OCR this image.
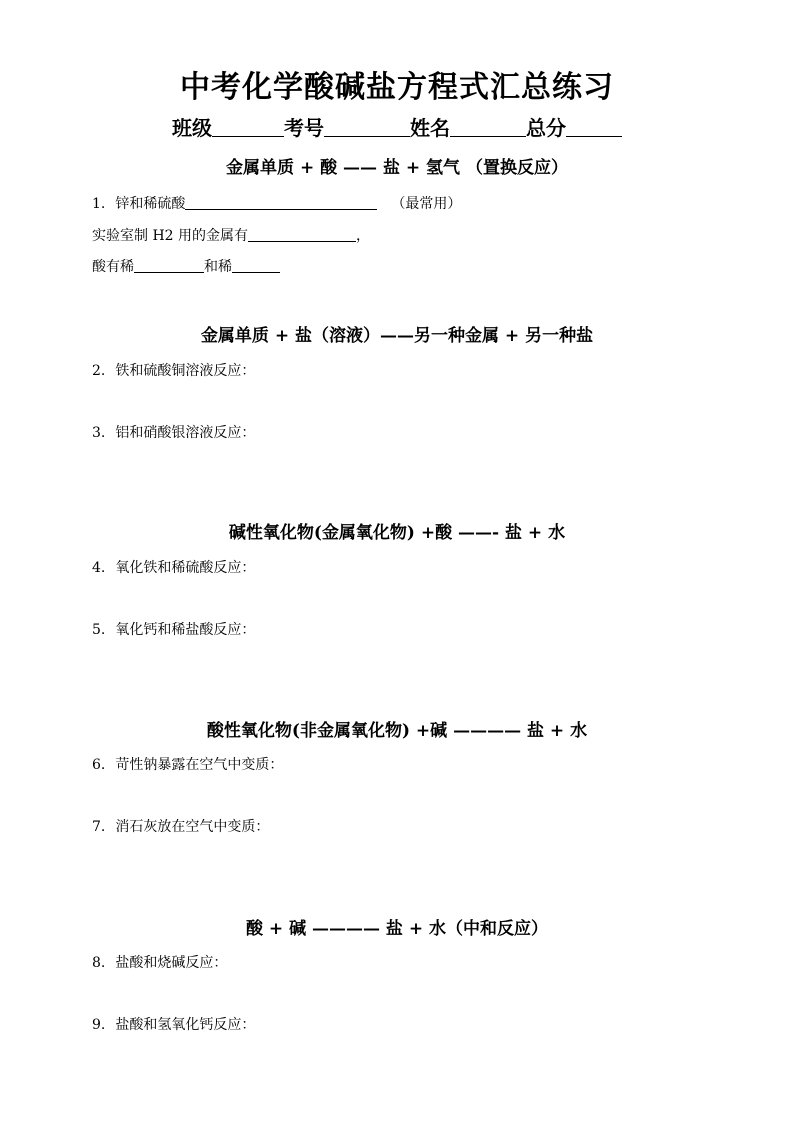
中考化学酸碱盐方程式汇总练习
班级	考号	姓名	总分
金属单质 + 酸 —— 盐 + 氢气 （置换反应）
1. 锌和稀硫酸	（最常用）
实验室制 H2 用的金属有	，
酸有稀	和稀
金属单质 + 盐（溶液）——另一种金属 + 另一种盐
2. 铁和硫酸铜溶液反应：
3. 铝和硝酸银溶液反应：
碱性氧化物(金属氧化物) +酸 ——- 盐 + 水
4. 氧化铁和稀硫酸反应：
5. 氧化钙和稀盐酸反应：
酸性氧化物(非金属氧化物) +碱 ———— 盐 + 水
6. 苛性钠暴露在空气中变质：
7. 消石灰放在空气中变质：
酸 + 碱 ———— 盐 + 水（中和反应）
8. 盐酸和烧碱反应：
9. 盐酸和氢氧化钙反应：
